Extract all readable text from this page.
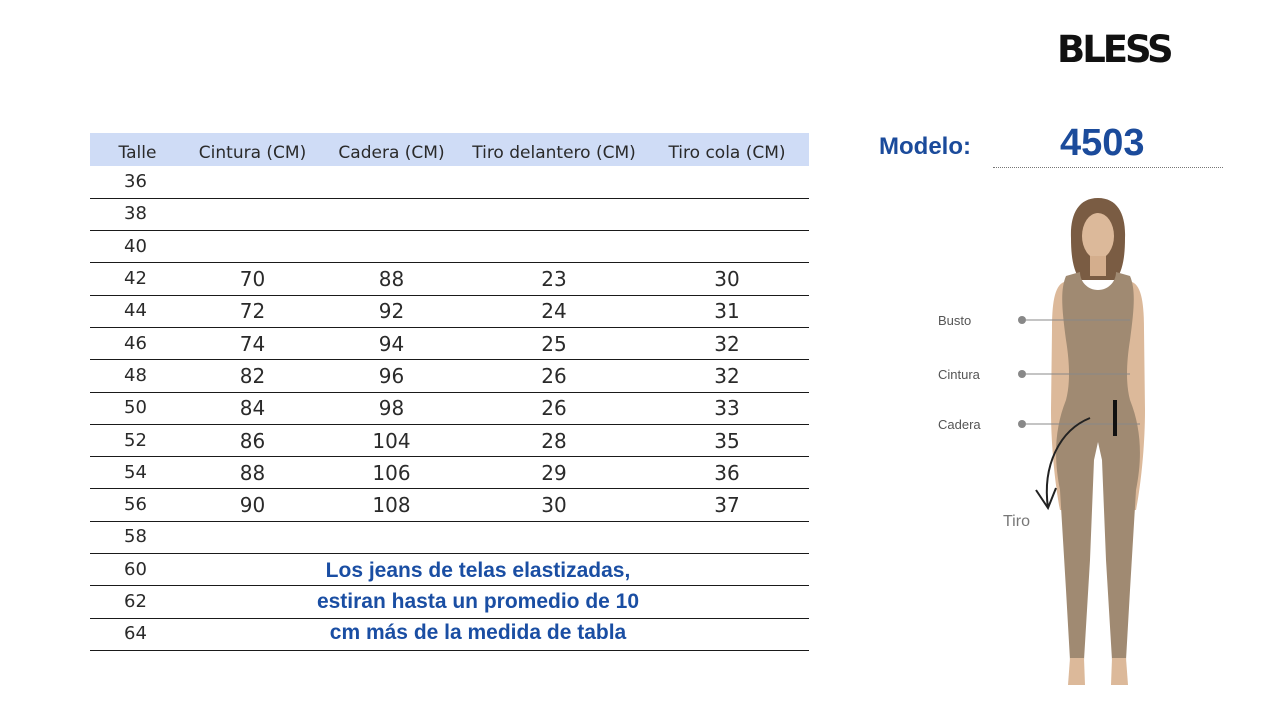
BLESS
Talle	Cintura (CM)	Cadera (CM)	Tiro delantero (CM)	Tiro cola (CM)
36				
38				
40				
42	70	88	23	30
44	72	92	24	31
46	74	94	25	32
48	82	96	26	32
50	84	98	26	33
52	86	104	28	35
54	88	106	29	36
56	90	108	30	37
58				
60				
62				
64				
Los jeans de telas elastizadas,
estiran hasta un promedio de 10
cm más de la medida de tabla
Modelo: 4503
Busto
Cintura
Cadera
Tiro
